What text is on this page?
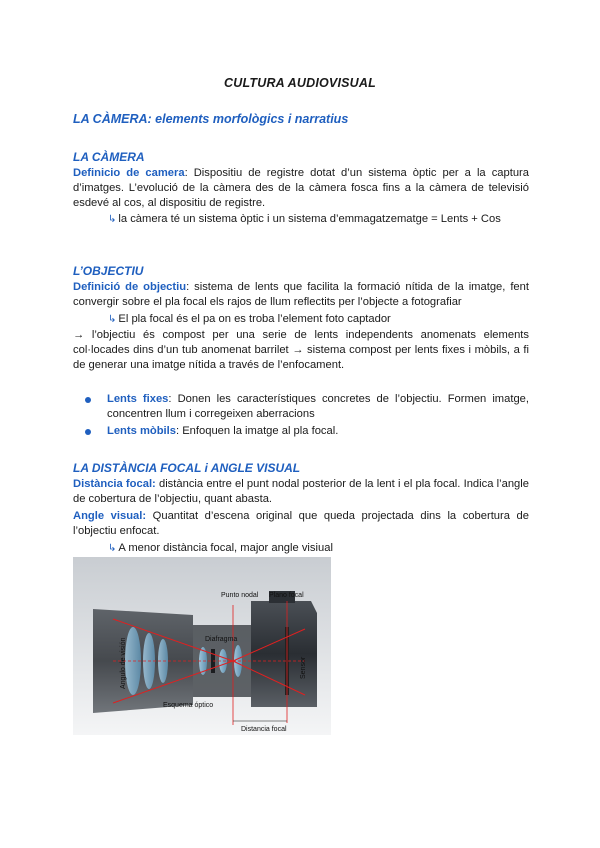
CULTURA AUDIOVISUAL
LA CÀMERA: elements morfològics i narratius
LA CÀMERA
Definicio de camera: Dispositiu de registre dotat d’un sistema òptic per a la captura d’imatges. L’evolució de la càmera des de la càmera fosca fins a la càmera de televisió esdevé al cos, al dispositiu de registre.
↳ la càmera té un sistema òptic i un sistema d’emmagatzematge = Lents + Cos
L’OBJECTIU
Definició de objectiu: sistema de lents que facilita la formació nítida de la imatge, fent convergir sobre el pla focal els rajos de llum reflectits per l’objecte a fotografiar
↳ El pla focal és el pa on es troba l’element foto captador
→ l’objectiu és compost per una serie de lents independents anomenats elements col·locades dins d’un tub anomenat barrilet → sistema compost per lents fixes i mòbils, a fi de generar una imatge nítida a través de l’enfocament.
Lents fixes: Donen les característiques concretes de l’objectiu. Formen imatge, concentren llum i corregeixen aberracions
Lents mòbils: Enfoquen la imatge al pla focal.
LA DISTÀNCIA FOCAL i ANGLE VISUAL
Distància focal: distància entre el punt nodal posterior de la lent i el pla focal. Indica l’angle de cobertura de l’objectiu, quant abasta.
Angle visual: Quantitat d’escena original que queda projectada dins la cobertura de l’objectiu enfocat.
↳ A menor distància focal, major angle visiual
Punto nodal Plano focal
Diafragma
Angulo de visión	Sensor
Esquema óptico
Distancia focal
